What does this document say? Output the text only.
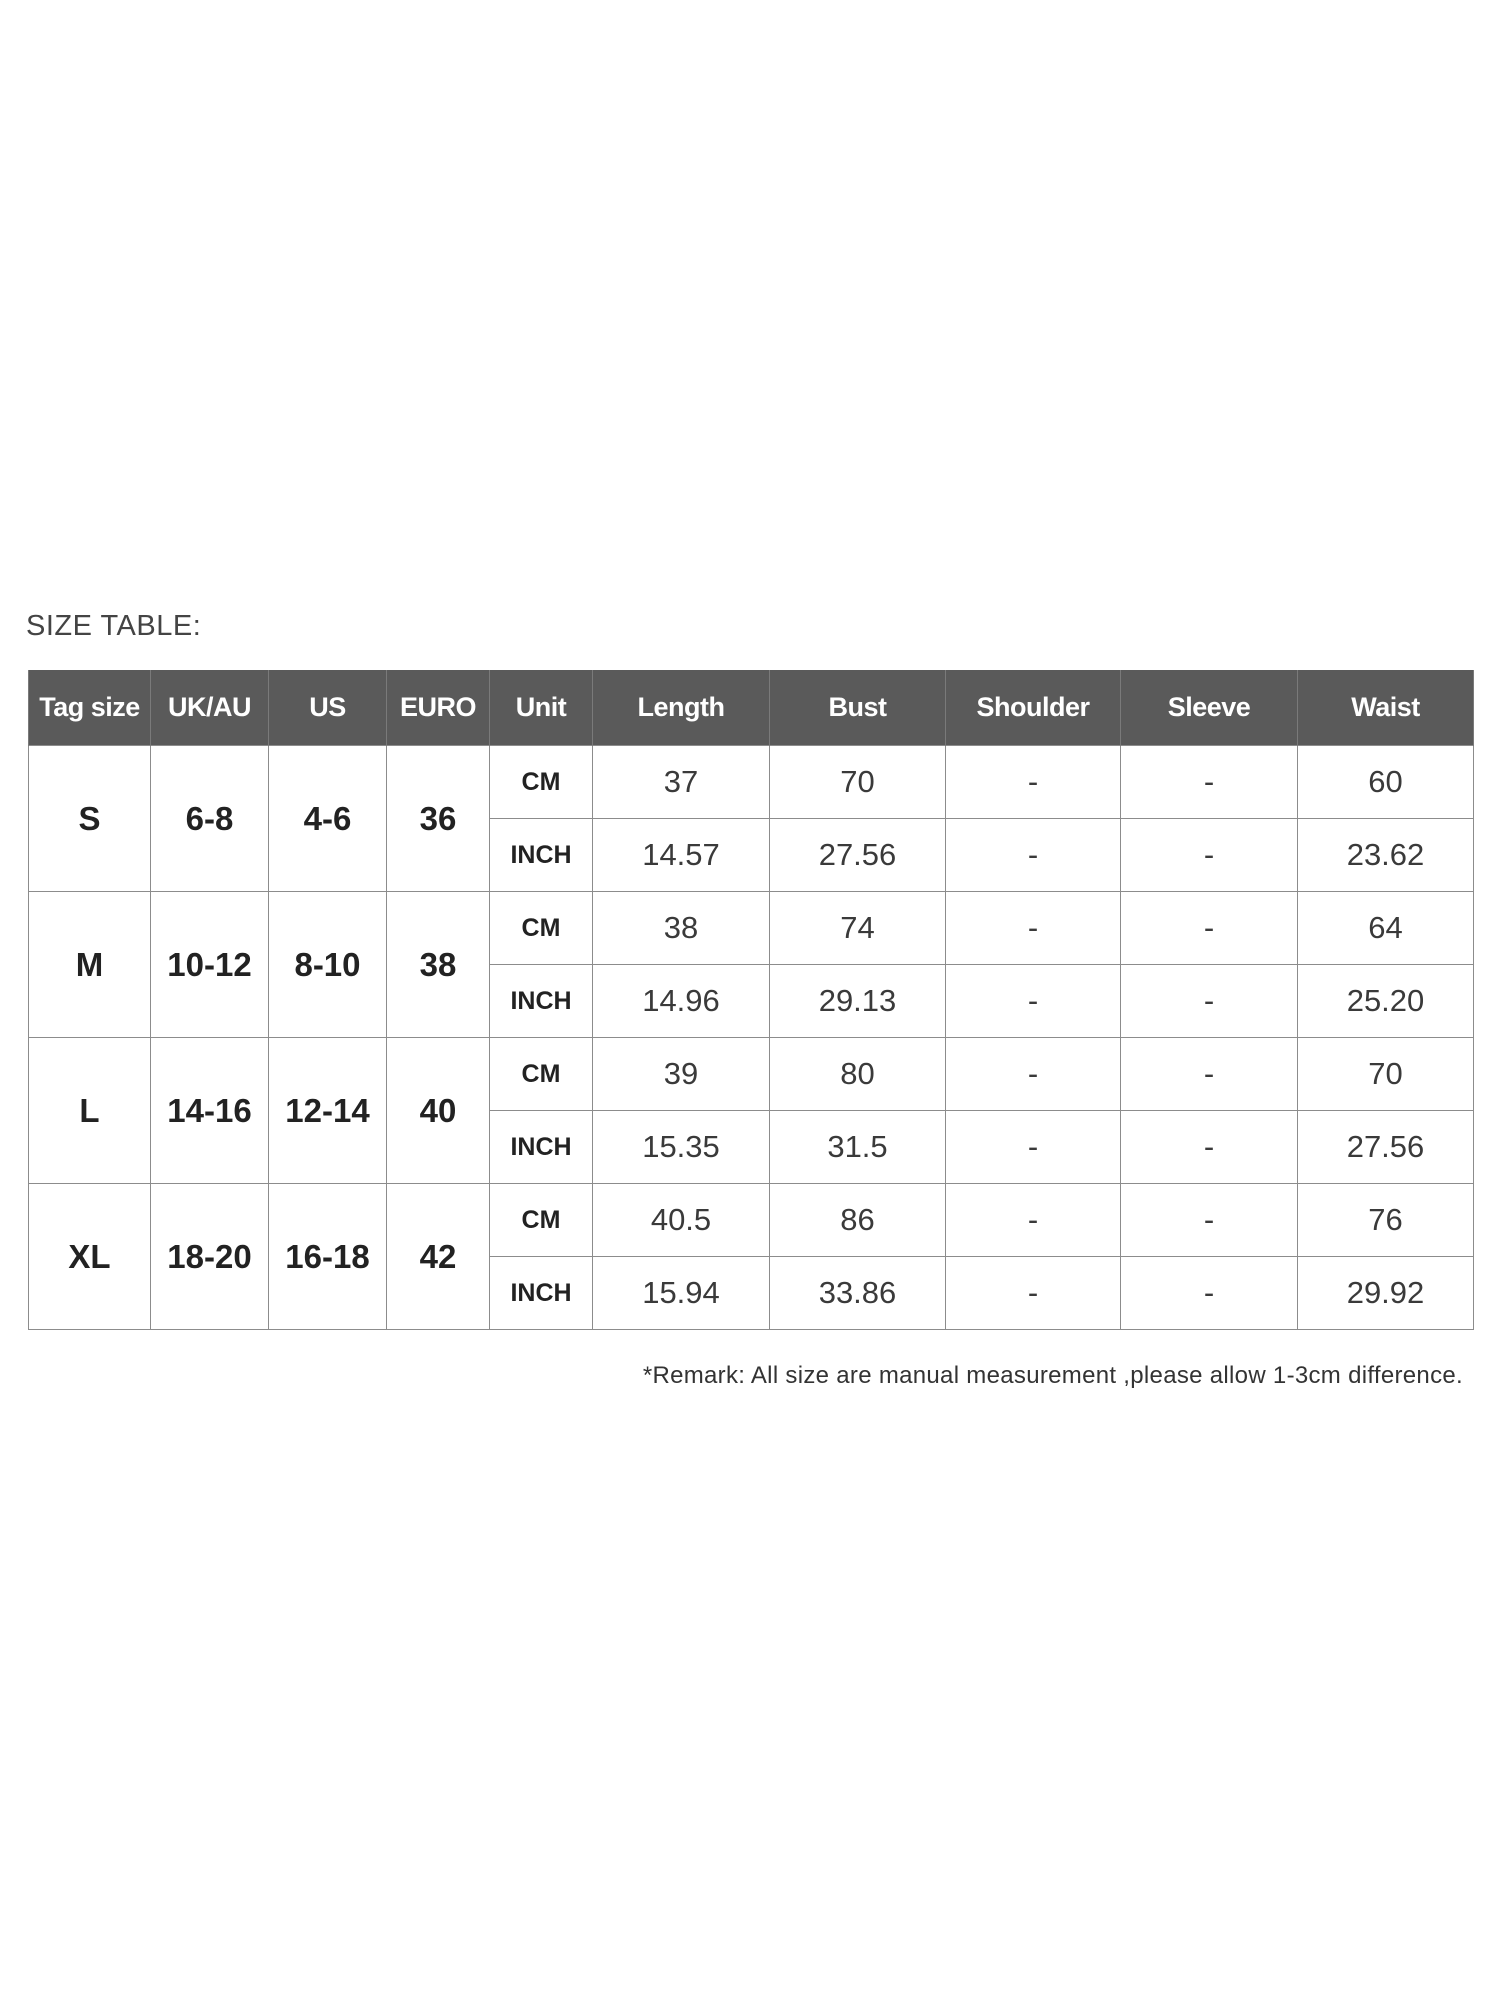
SIZE TABLE:
Tag size	UK/AU	US	EURO	Unit	Length	Bust	Shoulder	Sleeve	Waist
S	6-8	4-6	36	CM	37	70	-	-	60
				INCH	14.57	27.56	-	-	23.62
M	10-12	8-10	38	CM	38	74	-	-	64
				INCH	14.96	29.13	-	-	25.20
L	14-16	12-14	40	CM	39	80	-	-	70
				INCH	15.35	31.5	-	-	27.56
XL	18-20	16-18	42	CM	40.5	86	-	-	76
				INCH	15.94	33.86	-	-	29.92
*Remark: All size are manual measurement ,please allow 1-3cm difference.
